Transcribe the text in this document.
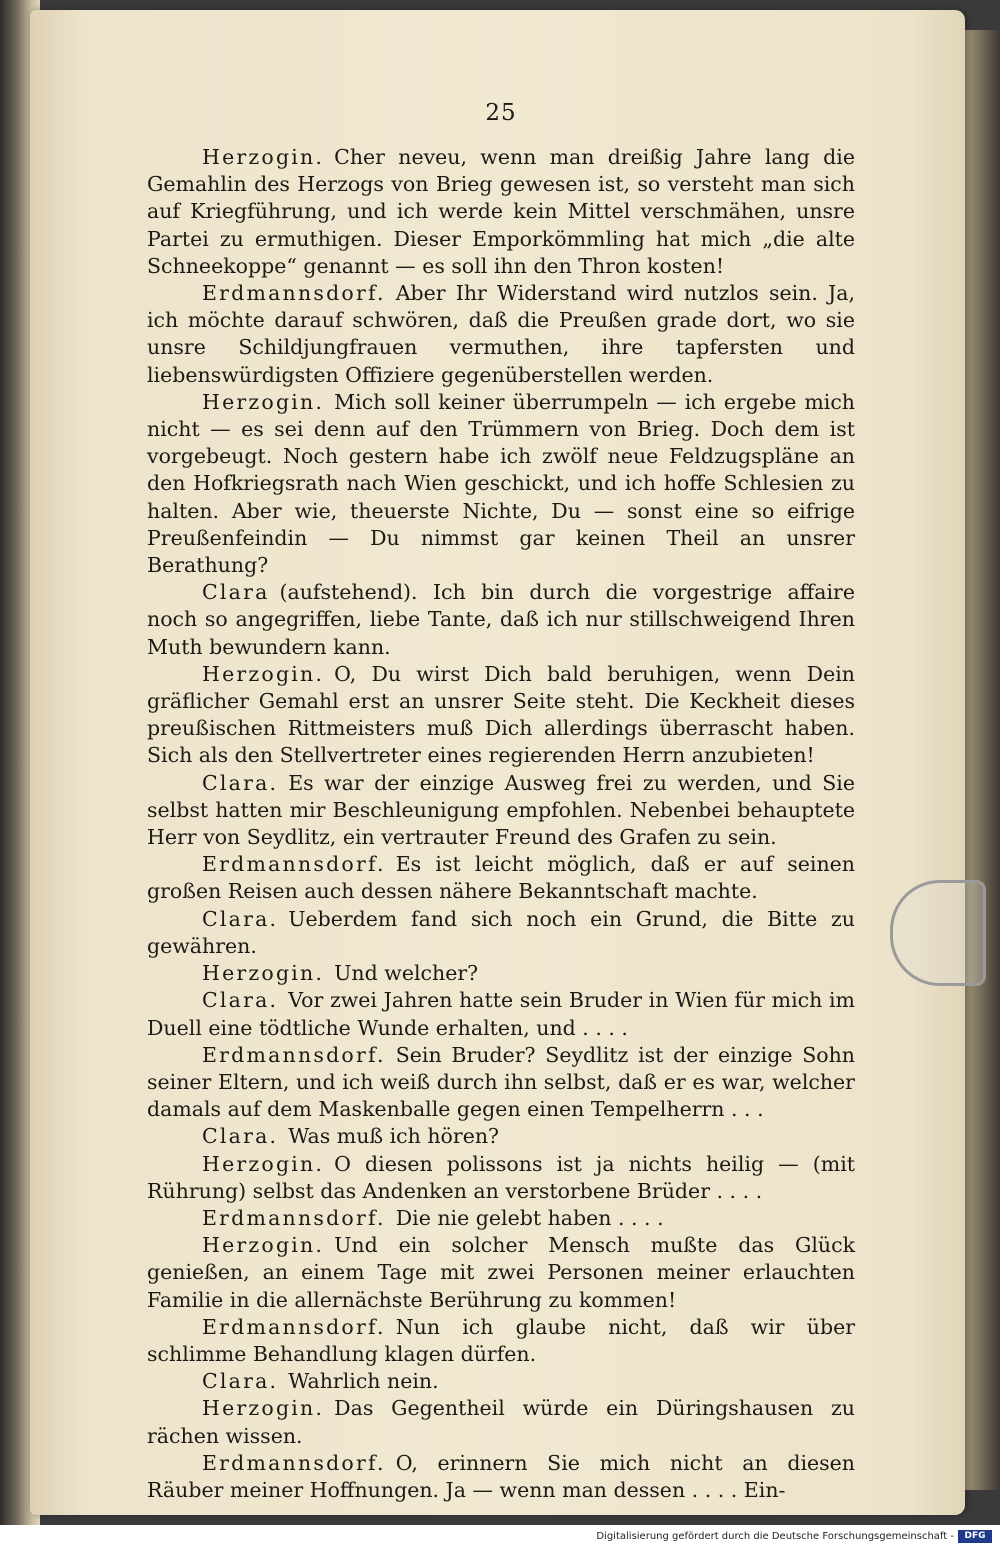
25

Herzogin. Cher neveu, wenn man dreißig Jahre lang die Gemahlin des Herzogs von Brieg gewesen ist, so versteht man sich auf Kriegführung, und ich werde kein Mittel verschmähen, unsre Partei zu ermuthigen. Dieser Emporkömmling hat mich „die alte Schneekoppe“ genannt — es soll ihn den Thron kosten!

Erdmannsdorf. Aber Ihr Widerstand wird nutzlos sein. Ja, ich möchte darauf schwören, daß die Preußen grade dort, wo sie unsre Schildjungfrauen vermuthen, ihre tapfersten und liebenswürdigsten Offiziere gegenüberstellen werden.

Herzogin. Mich soll keiner überrumpeln — ich ergebe mich nicht — es sei denn auf den Trümmern von Brieg. Doch dem ist vorgebeugt. Noch gestern habe ich zwölf neue Feldzugspläne an den Hofkriegsrath nach Wien geschickt, und ich hoffe Schlesien zu halten. Aber wie, theuerste Nichte, Du — sonst eine so eifrige Preußenfeindin — Du nimmst gar keinen Theil an unsrer Berathung?

Clara (aufstehend). Ich bin durch die vorgestrige affaire noch so angegriffen, liebe Tante, daß ich nur stillschweigend Ihren Muth bewundern kann.

Herzogin. O, Du wirst Dich bald beruhigen, wenn Dein gräflicher Gemahl erst an unsrer Seite steht. Die Keckheit dieses preußischen Rittmeisters muß Dich allerdings überrascht haben. Sich als den Stellvertreter eines regierenden Herrn anzubieten!

Clara. Es war der einzige Ausweg frei zu werden, und Sie selbst hatten mir Beschleunigung empfohlen. Nebenbei behauptete Herr von Seydlitz, ein vertrauter Freund des Grafen zu sein.

Erdmannsdorf. Es ist leicht möglich, daß er auf seinen großen Reisen auch dessen nähere Bekanntschaft machte.

Clara. Ueberdem fand sich noch ein Grund, die Bitte zu gewähren.

Herzogin. Und welcher?

Clara. Vor zwei Jahren hatte sein Bruder in Wien für mich im Duell eine tödtliche Wunde erhalten, und . . . .

Erdmannsdorf. Sein Bruder? Seydlitz ist der einzige Sohn seiner Eltern, und ich weiß durch ihn selbst, daß er es war, welcher damals auf dem Maskenballe gegen einen Tempelherrn . . .

Clara. Was muß ich hören?

Herzogin. O diesen polissons ist ja nichts heilig — (mit Rührung) selbst das Andenken an verstorbene Brüder . . . .

Erdmannsdorf. Die nie gelebt haben . . . .

Herzogin. Und ein solcher Mensch mußte das Glück genießen, an einem Tage mit zwei Personen meiner erlauchten Familie in die allernächste Berührung zu kommen!

Erdmannsdorf. Nun ich glaube nicht, daß wir über schlimme Behandlung klagen dürfen.

Clara. Wahrlich nein.

Herzogin. Das Gegentheil würde ein Düringshausen zu rächen wissen.

Erdmannsdorf. O, erinnern Sie mich nicht an diesen Räuber meiner Hoffnungen. Ja — wenn man dessen . . . . Ein-

Digitalisierung gefördert durch die Deutsche Forschungsgemeinschaft -	DFG
